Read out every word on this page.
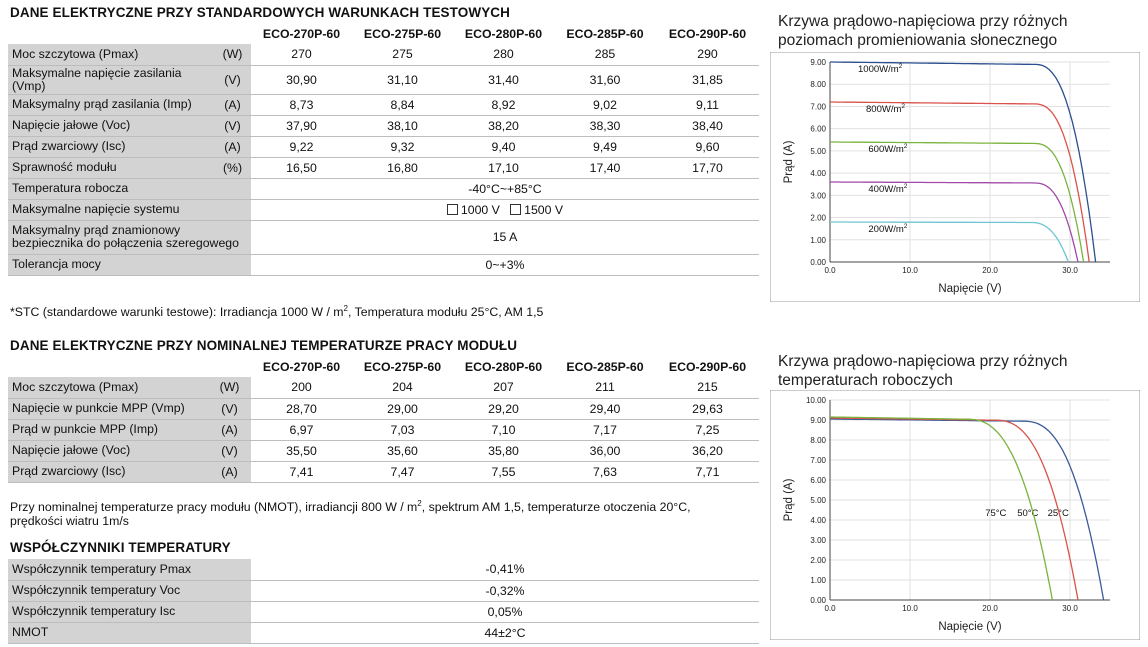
DANE ELEKTRYCZNE PRZY STANDARDOWYCH WARUNKACH TESTOWYCH
		ECO-270P-60	ECO-275P-60	ECO-280P-60	ECO-285P-60	ECO-290P-60
Moc szczytowa (Pmax)	(W)	270	275	280	285	290
Maksymalne napięcie zasilania (Vmp)	(V)	30,90	31,10	31,40	31,60	31,85
Maksymalny prąd zasilania (Imp)	(A)	8,73	8,84	8,92	9,02	9,11
Napięcie jałowe (Voc)	(V)	37,90	38,10	38,20	38,30	38,40
Prąd zwarciowy (Isc)	(A)	9,22	9,32	9,40	9,49	9,60
Sprawność modułu	(%)	16,50	16,80	17,10	17,40	17,70
Temperatura robocza		-40°C~+85°C				
Maksymalne napięcie systemu		1000 V 1500 V				
Maksymalny prąd znamionowy bezpiecznika do połączenia szeregowego		15 A				
Tolerancja mocy		0~+3%				
*STC (standardowe warunki testowe): Irradiancja 1000 W / $m^2$, Temperatura modułu 25°C, AM 1,5
DANE ELEKTRYCZNE PRZY NOMINALNEJ TEMPERATURZE PRACY MODUŁU
		ECO-270P-60	ECO-275P-60	ECO-280P-60	ECO-285P-60	ECO-290P-60
Moc szczytowa (Pmax)	(W)	200	204	207	211	215
Napięcie w punkcie MPP (Vmp)	(V)	28,70	29,00	29,20	29,40	29,63
Prąd w punkcie MPP (Imp)	(A)	6,97	7,03	7,10	7,17	7,25
Napięcie jałowe (Voc)	(V)	35,50	35,60	35,80	36,00	36,20
Prąd zwarciowy (Isc)	(A)	7,41	7,47	7,55	7,63	7,71
Przy nominalnej temperaturze pracy modułu (NMOT), irradiancji 800 W / $m^2$, spektrum AM 1,5, temperaturze otoczenia 20°C,
prędkości wiatru 1m/s
WSPÓŁCZYNNIKI TEMPERATURY
Współczynnik temperatury Pmax	-0,41%
Współczynnik temperatury Voc	-0,32%
Współczynnik temperatury Isc	0,05%
NMOT	44±2°C
Krzywa prądowo-napięciowa przy różnych
poziomach promieniowania słonecznego
0.00
1.00
2.00
3.00
4.00
5.00
6.00
7.00
8.00
9.00
0.0	10.0	20.0	30.0
Napięcie (V)
Prąd (A)
$1000W/m^2$
$800W/m^2$
$600W/m^2$
$400W/m^2$
$200W/m^2$
Krzywa prądowo-napięciowa przy różnych
temperaturach roboczych
0.00
1.00
2.00
3.00
4.00
5.00
6.00
7.00
8.00
9.00
10.00
0.0	10.0	20.0	30.0
Napięcie (V)
Prąd (A)	25°C
50°C
75°C
